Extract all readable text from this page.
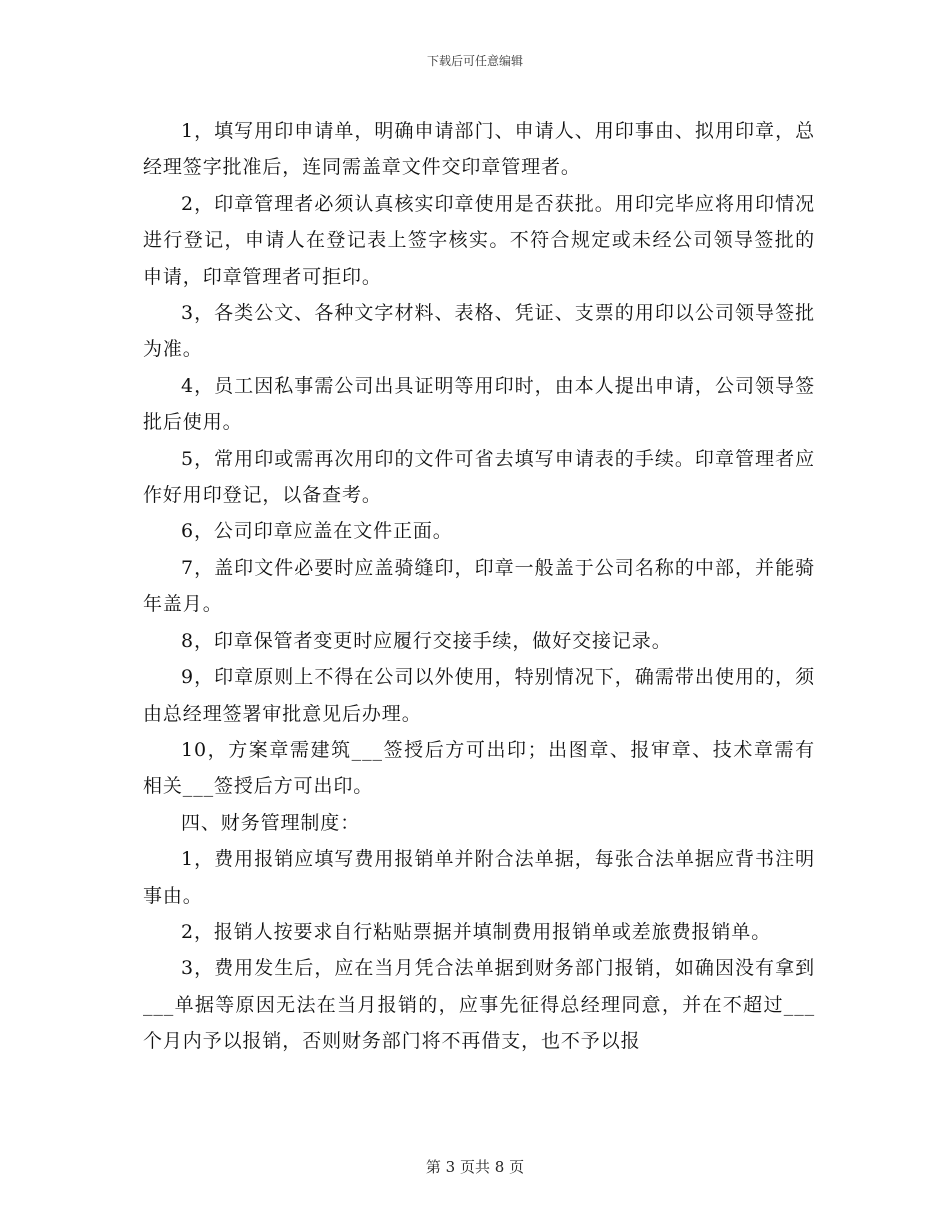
下载后可任意编辑

1，填写用印申请单，明确申请部门、申请人、用印事由、拟用印章，总经理签字批准后，连同需盖章文件交印章管理者。

2，印章管理者必须认真核实印章使用是否获批。用印完毕应将用印情况进行登记，申请人在登记表上签字核实。不符合规定或未经公司领导签批的申请，印章管理者可拒印。

3，各类公文、各种文字材料、表格、凭证、支票的用印以公司领导签批为准。

4，员工因私事需公司出具证明等用印时，由本人提出申请，公司领导签批后使用。

5，常用印或需再次用印的文件可省去填写申请表的手续。印章管理者应作好用印登记，以备查考。

6，公司印章应盖在文件正面。

7，盖印文件必要时应盖骑缝印，印章一般盖于公司名称的中部，并能骑年盖月。

8，印章保管者变更时应履行交接手续，做好交接记录。

9，印章原则上不得在公司以外使用，特别情况下，确需带出使用的，须由总经理签署审批意见后办理。

10，方案章需建筑___签授后方可出印；出图章、报审章、技术章需有相关___签授后方可出印。

四、财务管理制度：

1，费用报销应填写费用报销单并附合法单据，每张合法单据应背书注明事由。

2，报销人按要求自行粘贴票据并填制费用报销单或差旅费报销单。

3，费用发生后，应在当月凭合法单据到财务部门报销，如确因没有拿到___单据等原因无法在当月报销的，应事先征得总经理同意，并在不超过___个月内予以报销，否则财务部门将不再借支，也不予以报

第 3 页共 8 页
